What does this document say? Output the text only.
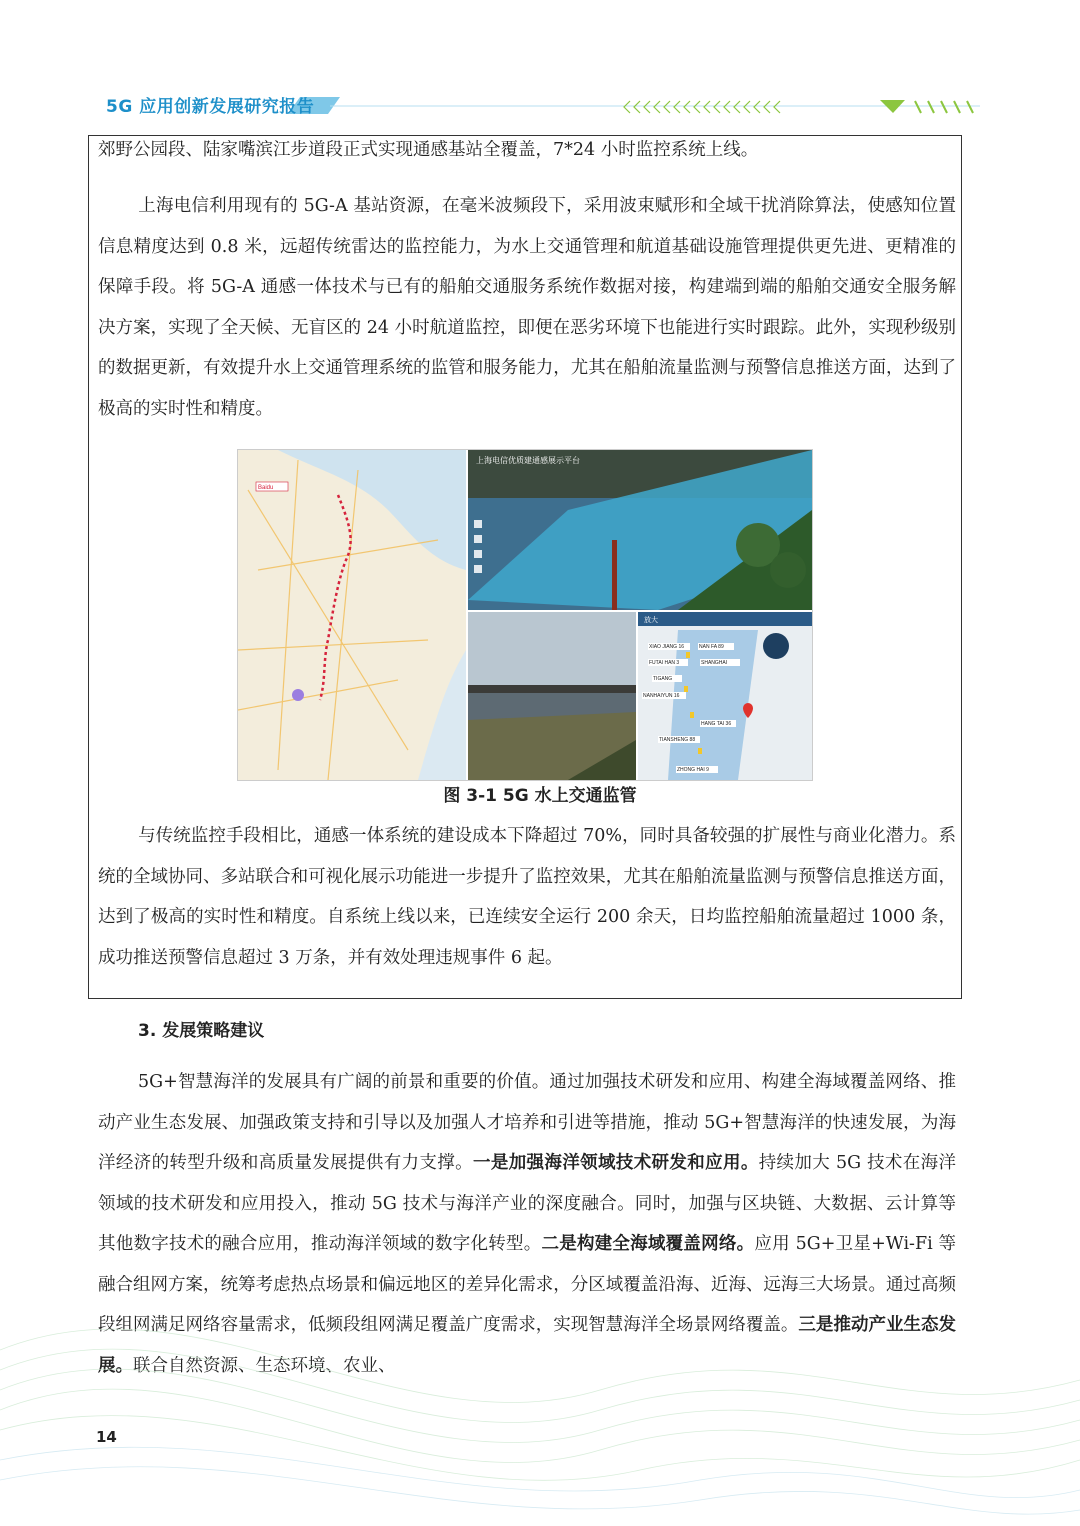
5G 应用创新发展研究报告
郊野公园段、陆家嘴滨江步道段正式实现通感基站全覆盖，7*24 小时监控系统上线。
上海电信利用现有的 5G-A 基站资源，在毫米波频段下，采用波束赋形和全域干扰消除算法，使感知位置信息精度达到 0.8 米，远超传统雷达的监控能力，为水上交通管理和航道基础设施管理提供更先进、更精准的保障手段。将 5G-A 通感一体技术与已有的船舶交通服务系统作数据对接，构建端到端的船舶交通安全服务解决方案，实现了全天候、无盲区的 24 小时航道监控，即便在恶劣环境下也能进行实时跟踪。此外，实现秒级别的数据更新，有效提升水上交通管理系统的监管和服务能力，尤其在船舶流量监测与预警信息推送方面，达到了极高的实时性和精度。
Baidu
上海电信优质建通感展示平台
放大
XIAO JIANG 16	NAN FA 89
FUTAI HAN 3	SHANGHAI
TIGANG
NANHAIYUN 16
HANG TAI 36
TIANSHENG 88
ZHONG HAI 9
图 3-1 5G 水上交通监管
与传统监控手段相比，通感一体系统的建设成本下降超过 70%，同时具备较强的扩展性与商业化潜力。系统的全域协同、多站联合和可视化展示功能进一步提升了监控效果，尤其在船舶流量监测与预警信息推送方面，达到了极高的实时性和精度。自系统上线以来，已连续安全运行 200 余天，日均监控船舶流量超过 1000 条，成功推送预警信息超过 3 万条，并有效处理违规事件 6 起。
3. 发展策略建议
5G+智慧海洋的发展具有广阔的前景和重要的价值。通过加强技术研发和应用、构建全海域覆盖网络、推动产业生态发展、加强政策支持和引导以及加强人才培养和引进等措施，推动 5G+智慧海洋的快速发展，为海洋经济的转型升级和高质量发展提供有力支撑。一是加强海洋领域技术研发和应用。持续加大 5G 技术在海洋领域的技术研发和应用投入，推动 5G 技术与海洋产业的深度融合。同时，加强与区块链、大数据、云计算等其他数字技术的融合应用，推动海洋领域的数字化转型。二是构建全海域覆盖网络。应用 5G+卫星+Wi-Fi 等融合组网方案，统筹考虑热点场景和偏远地区的差异化需求，分区域覆盖沿海、近海、远海三大场景。通过高频段组网满足网络容量需求，低频段组网满足覆盖广度需求，实现智慧海洋全场景网络覆盖。三是推动产业生态发展。联合自然资源、生态环境、农业、
14
